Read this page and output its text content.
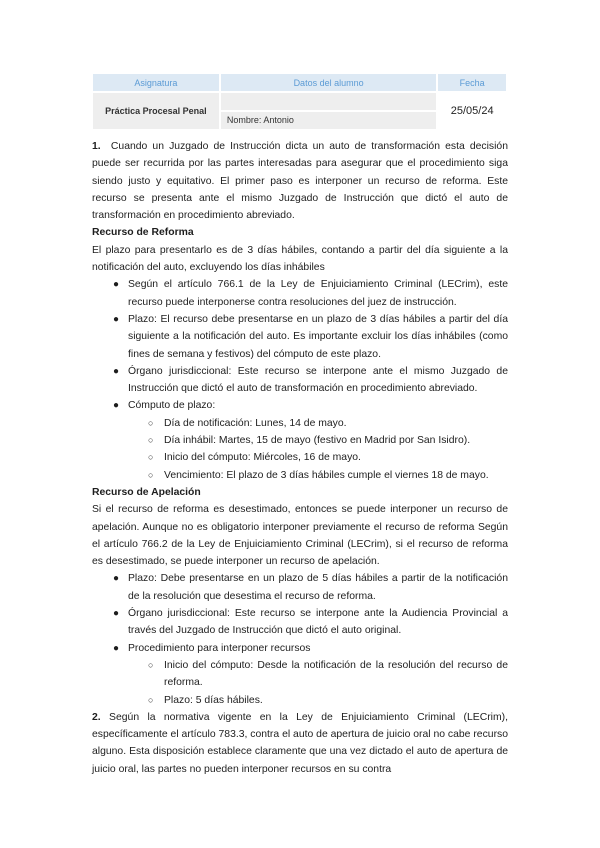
Asignatura	Datos del alumno	Fecha
Práctica Procesal Penal	Nombre: Antonio	25/05/24

1. Cuando un Juzgado de Instrucción dicta un auto de transformación esta decisión puede ser recurrida por las partes interesadas para asegurar que el procedimiento siga siendo justo y equitativo. El primer paso es interponer un recurso de reforma. Este recurso se presenta ante el mismo Juzgado de Instrucción que dictó el auto de transformación en procedimiento abreviado.

Recurso de Reforma

El plazo para presentarlo es de 3 días hábiles, contando a partir del día siguiente a la notificación del auto, excluyendo los días inhábiles

● Según el artículo 766.1 de la Ley de Enjuiciamiento Criminal (LECrim), este recurso puede interponerse contra resoluciones del juez de instrucción.
● Plazo: El recurso debe presentarse en un plazo de 3 días hábiles a partir del día siguiente a la notificación del auto. Es importante excluir los días inhábiles (como fines de semana y festivos) del cómputo de este plazo.
● Órgano jurisdiccional: Este recurso se interpone ante el mismo Juzgado de Instrucción que dictó el auto de transformación en procedimiento abreviado.
● Cómputo de plazo:
○ Día de notificación: Lunes, 14 de mayo.
○ Día inhábil: Martes, 15 de mayo (festivo en Madrid por San Isidro).
○ Inicio del cómputo: Miércoles, 16 de mayo.
○ Vencimiento: El plazo de 3 días hábiles cumple el viernes 18 de mayo.
Recurso de Apelación

Si el recurso de reforma es desestimado, entonces se puede interponer un recurso de apelación. Aunque no es obligatorio interponer previamente el recurso de reforma Según el artículo 766.2 de la Ley de Enjuiciamiento Criminal (LECrim), si el recurso de reforma es desestimado, se puede interponer un recurso de apelación.

● Plazo: Debe presentarse en un plazo de 5 días hábiles a partir de la notificación de la resolución que desestima el recurso de reforma.
● Órgano jurisdiccional: Este recurso se interpone ante la Audiencia Provincial a través del Juzgado de Instrucción que dictó el auto original.
● Procedimiento para interponer recursos
○ Inicio del cómputo: Desde la notificación de la resolución del recurso de reforma.
○ Plazo: 5 días hábiles.

2. Según la normativa vigente en la Ley de Enjuiciamiento Criminal (LECrim), específicamente el artículo 783.3, contra el auto de apertura de juicio oral no cabe recurso alguno. Esta disposición establece claramente que una vez dictado el auto de apertura de juicio oral, las partes no pueden interponer recursos en su contra
